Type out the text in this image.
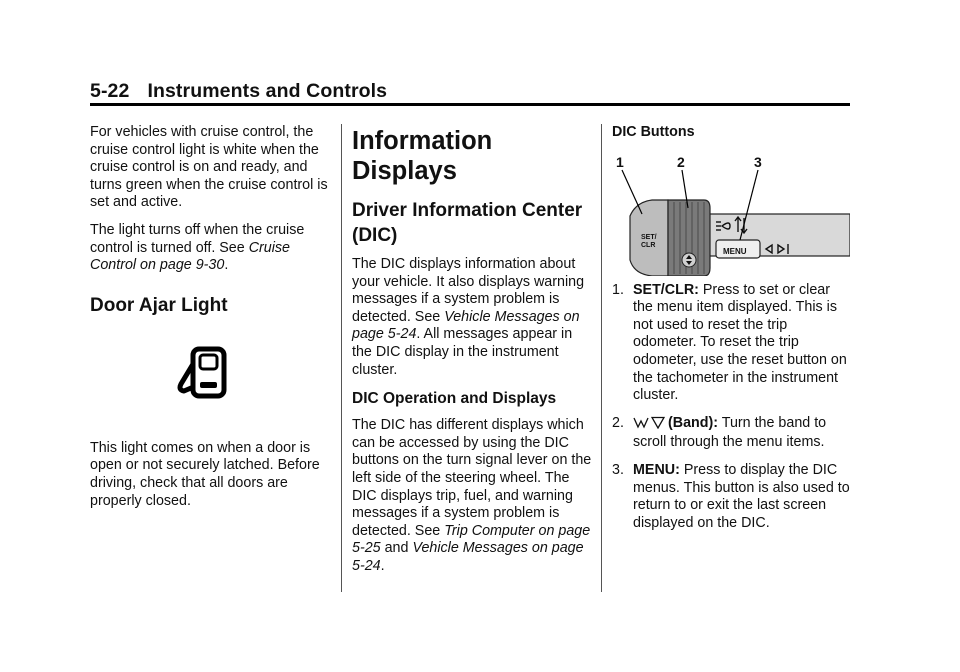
5-22 Instruments and Controls

For vehicles with cruise control, the cruise control light is white when the cruise control is on and ready, and turns green when the cruise control is set and active.

The light turns off when the cruise control is turned off. See Cruise Control on page 9-30.

Door Ajar Light

This light comes on when a door is open or not securely latched. Before driving, check that all doors are properly closed.

Information Displays
Driver Information Center (DIC)

The DIC displays information about your vehicle. It also displays warning messages if a system problem is detected. See Vehicle Messages on page 5-24. All messages appear in the DIC display in the instrument cluster.

DIC Operation and Displays

The DIC has different displays which can be accessed by using the DIC buttons on the turn signal lever on the left side of the steering wheel. The DIC displays trip, fuel, and warning messages if a system problem is detected. See Trip Computer on page 5-25 and Vehicle Messages on page 5-24.

DIC Buttons

1	2	3
SET/
CLR
MENU
1. SET/CLR: Press to set or clear the menu item displayed. This is not used to reset the trip odometer. To reset the trip odometer, use the reset button on the tachometer in the instrument cluster.
2.	(Band): Turn the band to scroll through the menu items.
3. MENU: Press to display the DIC menus. This button is also used to return to or exit the last screen displayed on the DIC.
